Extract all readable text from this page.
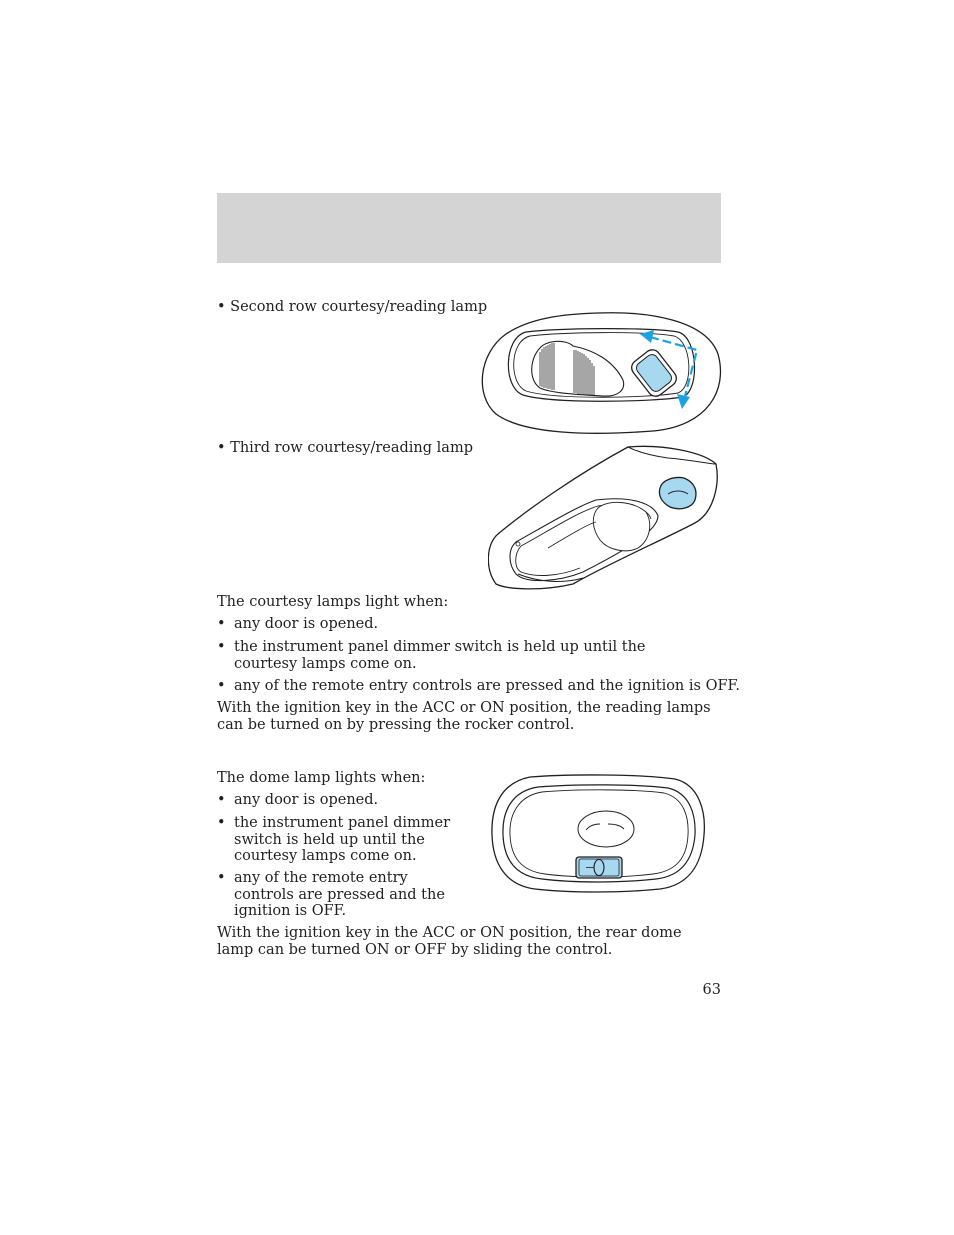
• Second row courtesy/reading lamp
• Third row courtesy/reading lamp
The courtesy lamps light when:
• any door is opened.
• the instrument panel dimmer switch is held up until the courtesy lamps come on.
• any of the remote entry controls are pressed and the ignition is OFF.
With the ignition key in the ACC or ON position, the reading lamps can be turned on by pressing the rocker control.
The dome lamp lights when:
• any door is opened.
• the instrument panel dimmer switch is held up until the courtesy lamps come on.
• any of the remote entry controls are pressed and the ignition is OFF.
With the ignition key in the ACC or ON position, the rear dome lamp can be turned ON or OFF by sliding the control.
63
